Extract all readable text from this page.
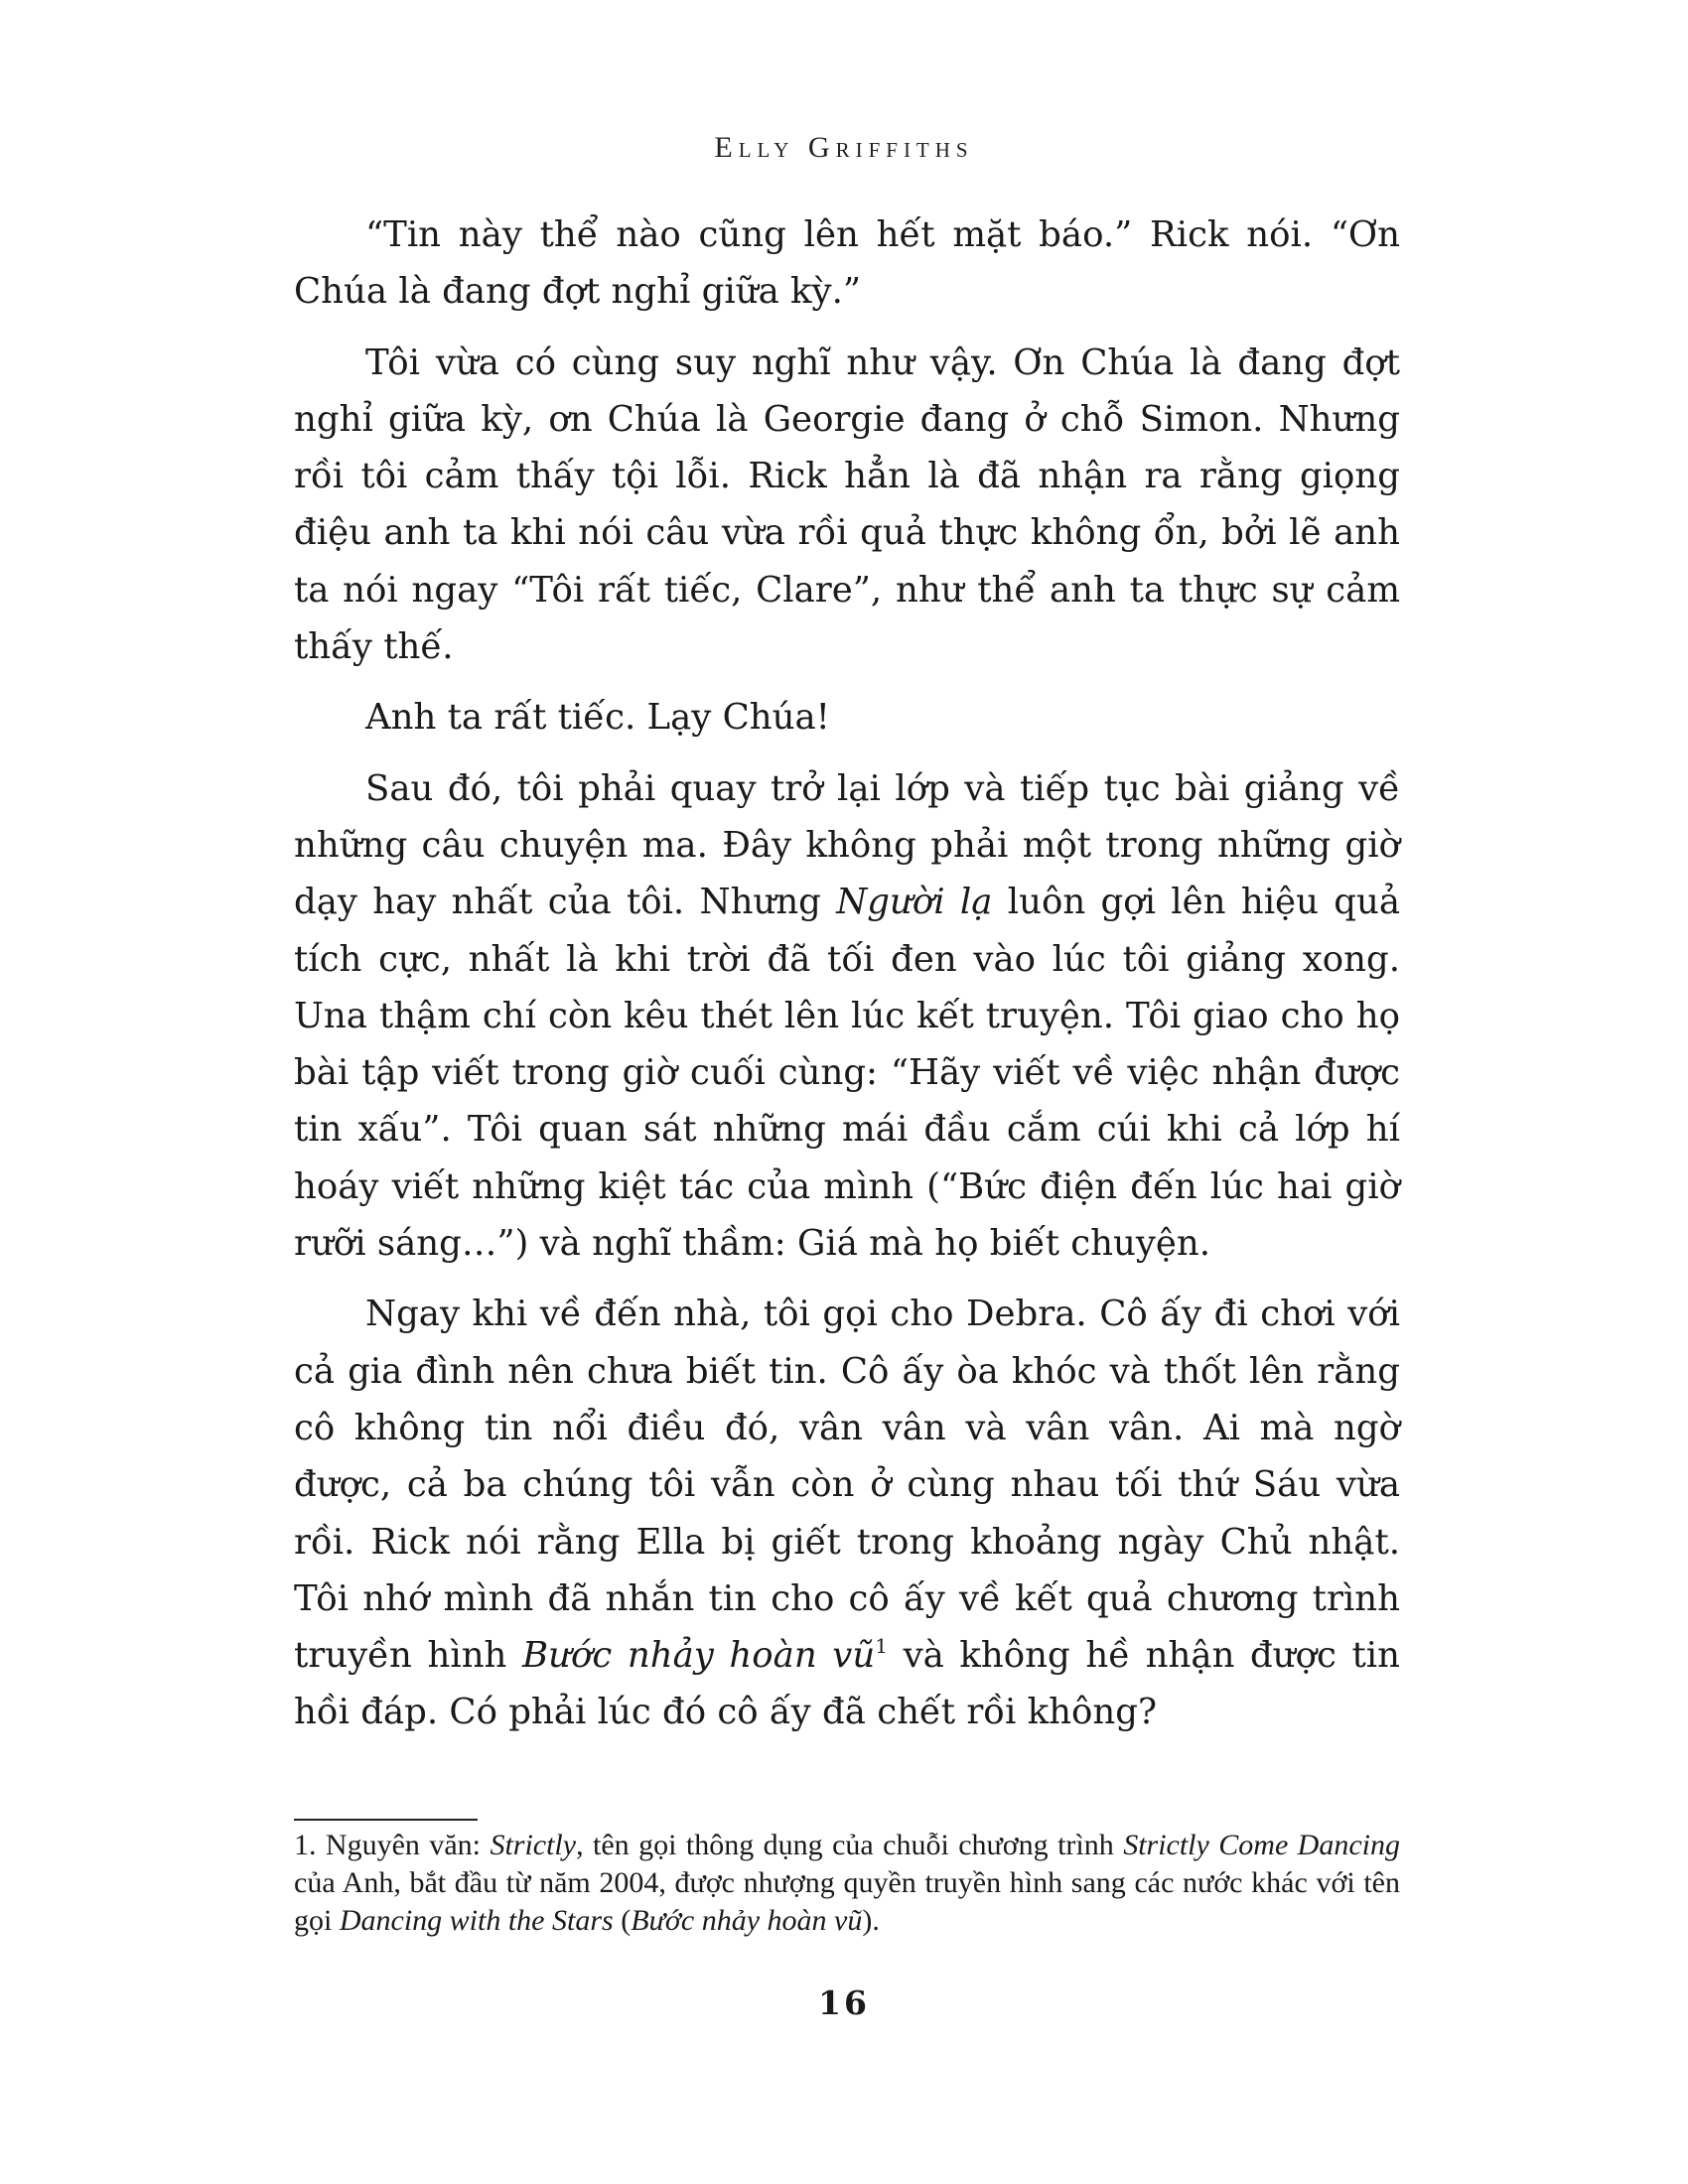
Elly Griffiths

“Tin này thể nào cũng lên hết mặt báo.” Rick nói. “Ơn Chúa là đang đợt nghỉ giữa kỳ.”

Tôi vừa có cùng suy nghĩ như vậy. Ơn Chúa là đang đợt nghỉ giữa kỳ, ơn Chúa là Georgie đang ở chỗ Simon. Nhưng rồi tôi cảm thấy tội lỗi. Rick hẳn là đã nhận ra rằng giọng điệu anh ta khi nói câu vừa rồi quả thực không ổn, bởi lẽ anh ta nói ngay “Tôi rất tiếc, Clare”, như thể anh ta thực sự cảm thấy thế.

Anh ta rất tiếc. Lạy Chúa!

Sau đó, tôi phải quay trở lại lớp và tiếp tục bài giảng về những câu chuyện ma. Đây không phải một trong những giờ dạy hay nhất của tôi. Nhưng Người lạ luôn gợi lên hiệu quả tích cực, nhất là khi trời đã tối đen vào lúc tôi giảng xong. Una thậm chí còn kêu thét lên lúc kết truyện. Tôi giao cho họ bài tập viết trong giờ cuối cùng: “Hãy viết về việc nhận được tin xấu”. Tôi quan sát những mái đầu cắm cúi khi cả lớp hí hoáy viết những kiệt tác của mình (“Bức điện đến lúc hai giờ rưỡi sáng…”) và nghĩ thầm: Giá mà họ biết chuyện.

Ngay khi về đến nhà, tôi gọi cho Debra. Cô ấy đi chơi với cả gia đình nên chưa biết tin. Cô ấy òa khóc và thốt lên rằng cô không tin nổi điều đó, vân vân và vân vân. Ai mà ngờ được, cả ba chúng tôi vẫn còn ở cùng nhau tối thứ Sáu vừa rồi. Rick nói rằng Ella bị giết trong khoảng ngày Chủ nhật. Tôi nhớ mình đã nhắn tin cho cô ấy về kết quả chương trình truyền hình Bước nhảy hoàn $vũ^1$ và không hề nhận được tin hồi đáp. Có phải lúc đó cô ấy đã chết rồi không?

1. Nguyên văn: Strictly, tên gọi thông dụng của chuỗi chương trình Strictly Come Dancing của Anh, bắt đầu từ năm 2004, được nhượng quyền truyền hình sang các nước khác với tên gọi Dancing with the Stars (Bước nhảy hoàn vũ).

16
